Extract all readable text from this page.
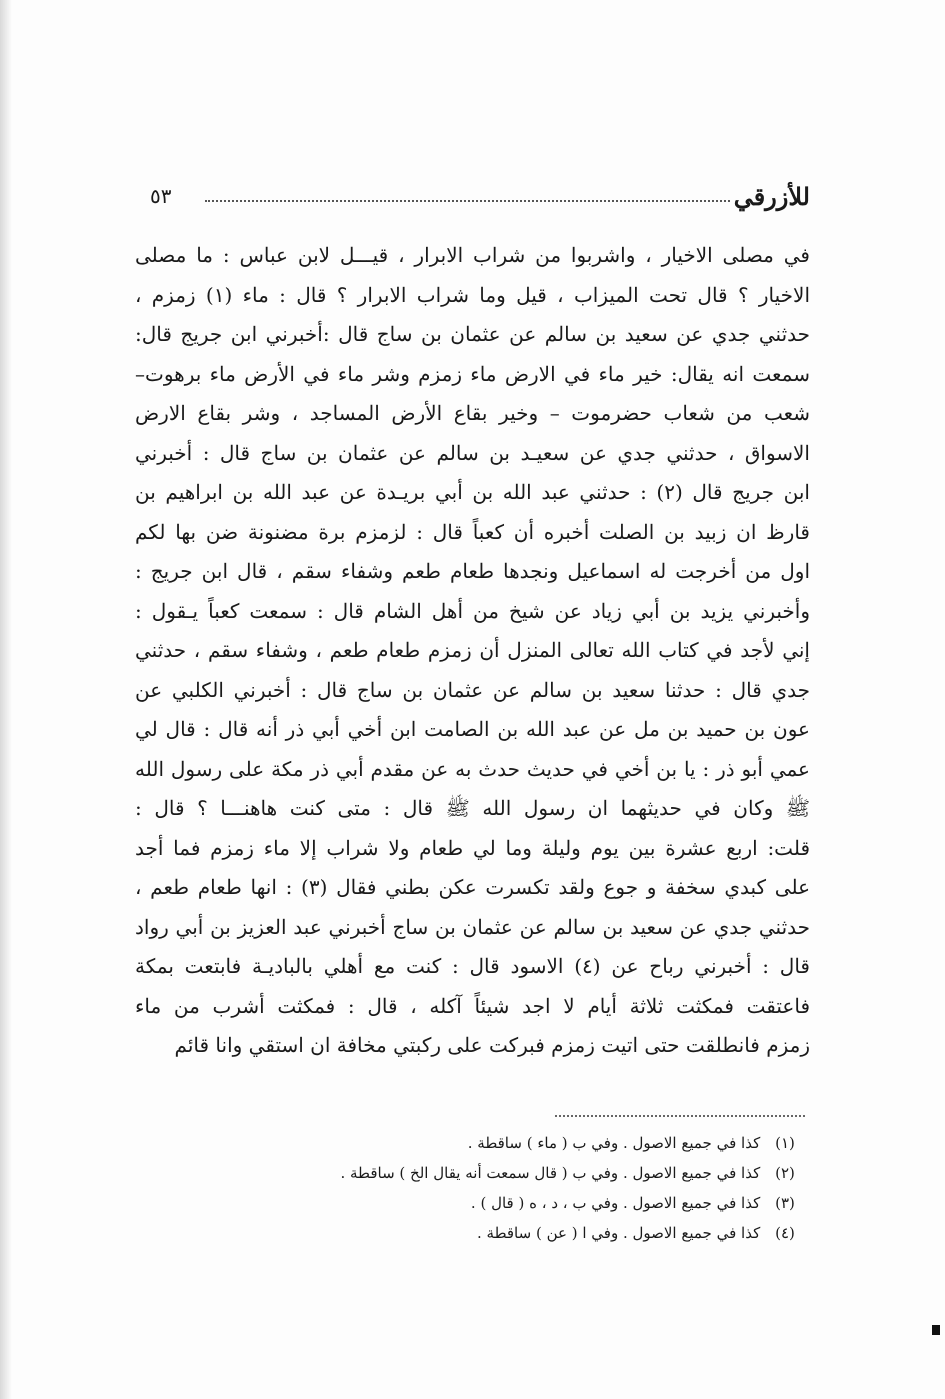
للأزرقي
٥٣
في مصلى الاخيار ، واشربوا من شراب الابرار ، قيـــل لابن عباس : ما مصلى
الاخيار ؟ قال تحت الميزاب ، قيل وما شراب الابرار ؟ قال : ماء (١) زمزم ،
حدثني جدي عن سعيد بن سالم عن عثمان بن ساج قال :أخبرني ابن جريج قال:
سمعت انه يقال: خير ماء في الارض ماء زمزم وشر ماء في الأرض ماء برهوت–
شعب من شعاب حضرموت – وخير بقاع الأرض المساجد ، وشر بقاع الارض
الاسواق ، حدثني جدي عن سعيـد بن سالم عن عثمان بن ساج قال : أخبرني
ابن جريج قال (٢) : حدثني عبد الله بن أبي بريـدة عن عبد الله بن ابراهيم بن
قارظ ان زبيد بن الصلت أخبره أن كعباً قال : لزمزم برة مضنونة ضن بها لكم
اول من أخرجت له اسماعيل ونجدها طعام طعم وشفاء سقم ، قال ابن جريج :
وأخبرني يزيد بن أبي زياد عن شيخ من أهل الشام قال : سمعت كعباً يـقول :
إني لأجد في كتاب الله تعالى المنزل أن زمزم طعام طعم ، وشفاء سقم ، حدثني
جدي قال : حدثنا سعيد بن سالم عن عثمان بن ساج قال : أخبرني الكلبي عن
عون بن حميد بن مل عن عبد الله بن الصامت ابن أخي أبي ذر أنه قال : قال لي
عمي أبو ذر : يا بن أخي في حديث حدث به عن مقدم أبي ذر مكة على رسول الله
ﷺ وكان في حديثهما ان رسول الله ﷺ قال : متى كنت هاهنـــا ؟ قال :
قلت: اربع عشرة بين يوم وليلة وما لي طعام ولا شراب إلا ماء زمزم فما أجد
على كبدي سخفة و جوع ولقد تكسرت عكن بطني فقال (٣) : انها طعام طعم ،
حدثني جدي عن سعيد بن سالم عن عثمان بن ساج أخبرني عبد العزيز بن أبي رواد
قال : أخبرني رباح عن (٤) الاسود قال : كنت مع أهلي بالباديـة فابتعت بمكة
فاعتقت فمكثت ثلاثة أيام لا اجد شيئاً آكله ، قال : فمكثت أشرب من ماء
زمزم فانطلقت حتى اتيت زمزم فبركت على ركبتي مخافة ان استقي وانا قائم
(١) كذا في جميع الاصول . وفي ب ( ماء ) ساقطة .
(٢) كذا في جميع الاصول . وفي ب ( قال سمعت أنه يقال الخ ) ساقطة .
(٣) كذا في جميع الاصول . وفي ب ، د ، ه ( قال ) .
(٤) كذا في جميع الاصول . وفي ا ( عن ) ساقطة .
